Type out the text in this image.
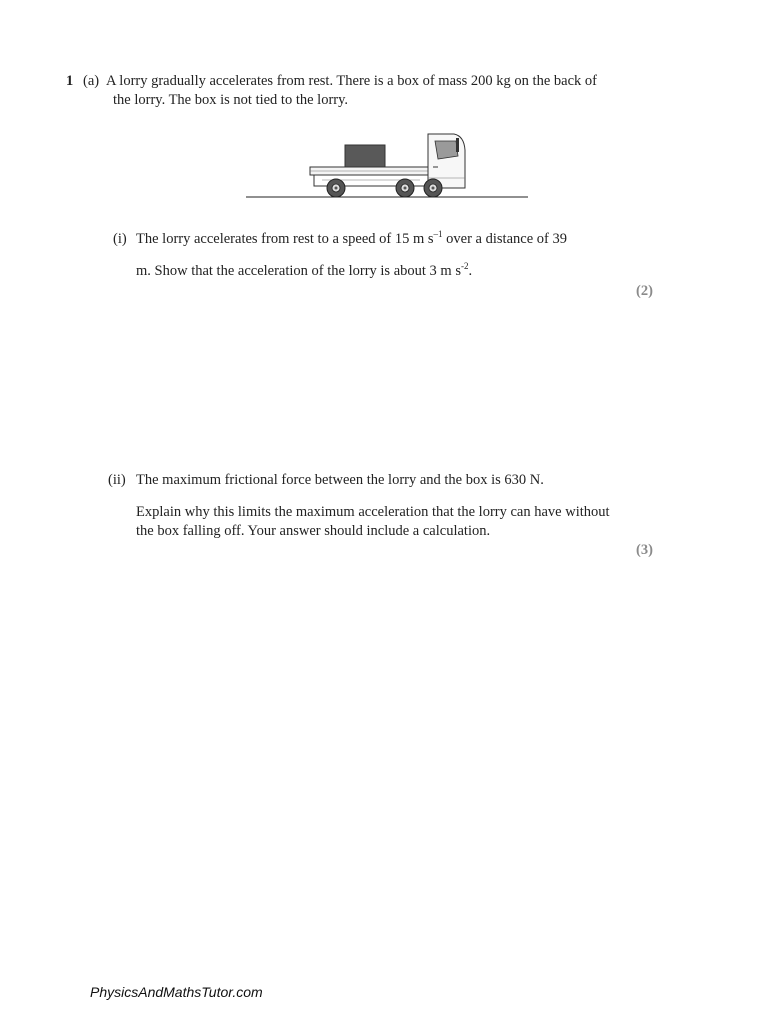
1 (a) A lorry gradually accelerates from rest. There is a box of mass 200 kg on the back of
the lorry. The box is not tied to the lorry.
(i) The lorry accelerates from rest to a speed of 15 m $s^{-1}$ over a distance of 39
m. Show that the acceleration of the lorry is about 3 m $s^{-2}$.
(2)
(ii) The maximum frictional force between the lorry and the box is 630 N.
Explain why this limits the maximum acceleration that the lorry can have without
the box falling off. Your answer should include a calculation.
(3)
PhysicsAndMathsTutor.com
